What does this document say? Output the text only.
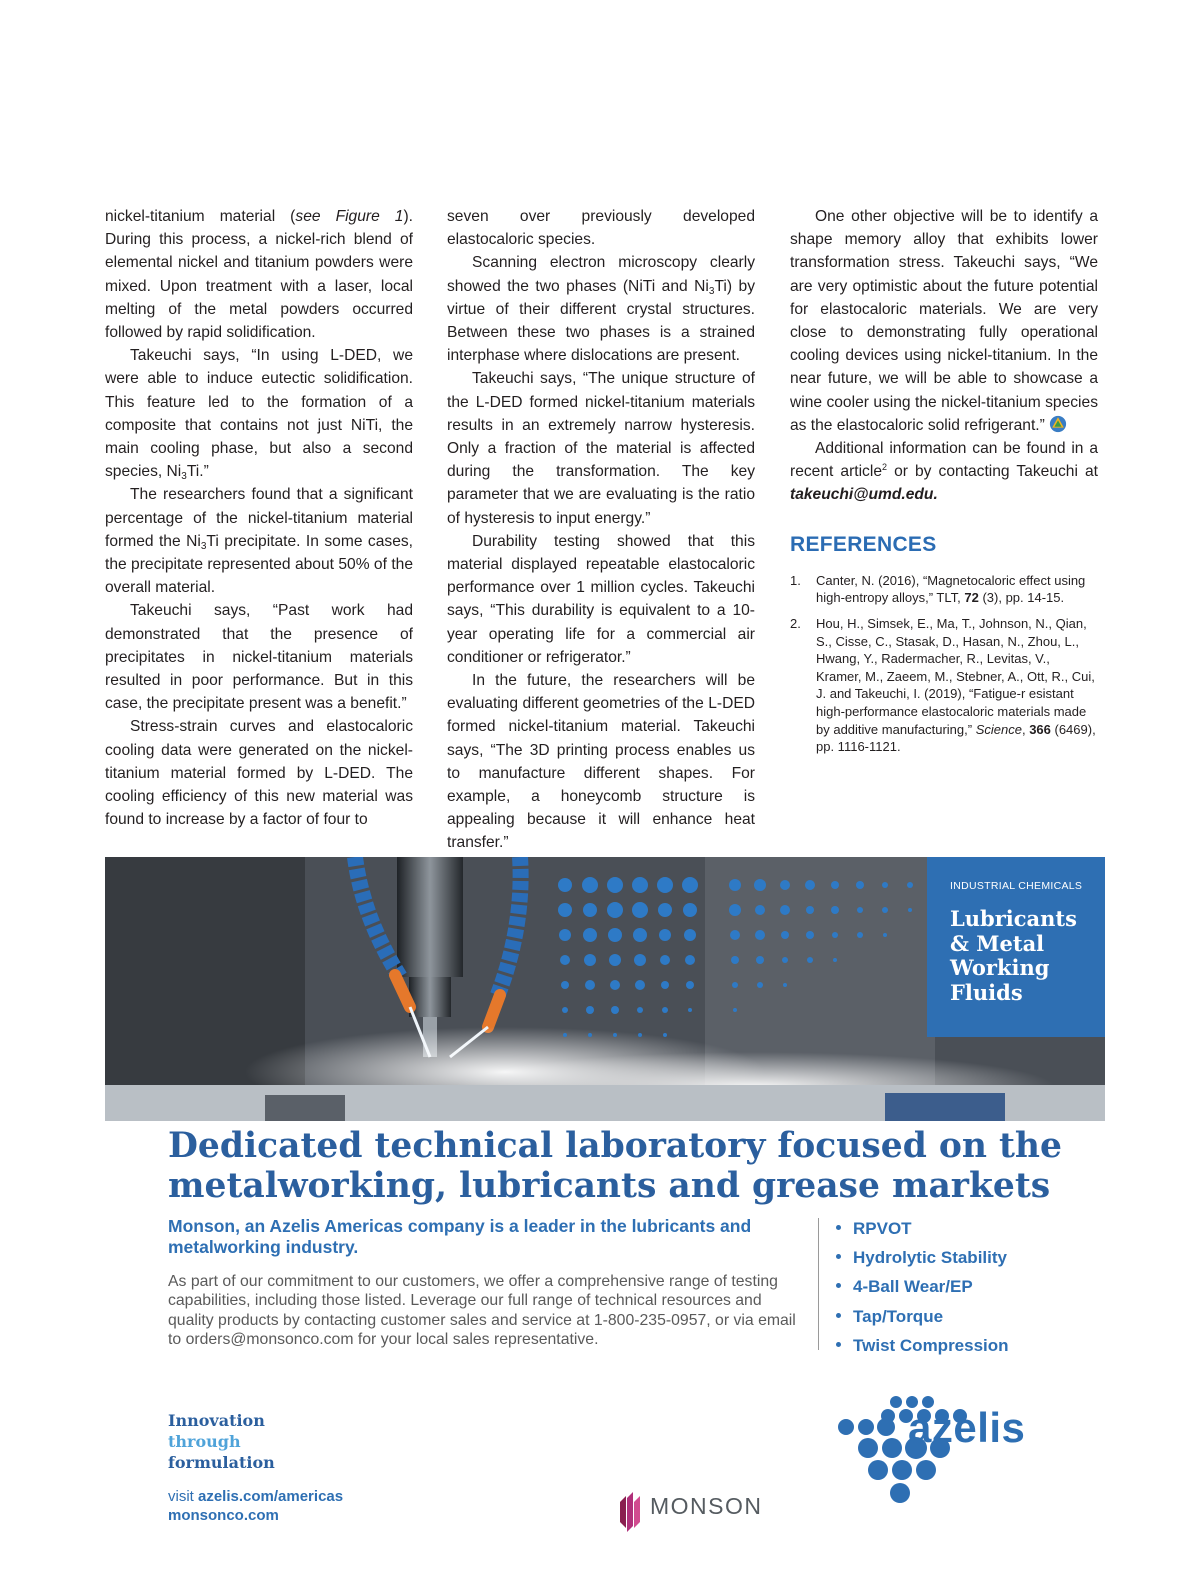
nickel-titanium material (see Figure 1). During this process, a nickel-rich blend of elemental nickel and titanium powders were mixed. Upon treatment with a laser, local melting of the metal powders occurred followed by rapid solidification.

Takeuchi says, “In using L-DED, we were able to induce eutectic solidification. This feature led to the formation of a composite that contains not just NiTi, the main cooling phase, but also a second species, $Ni_3Ti$.”

The researchers found that a significant percentage of the nickel-titanium material formed the $Ni_3Ti$ precipitate. In some cases, the precipitate represented about 50% of the overall material.

Takeuchi says, “Past work had demonstrated that the presence of precipitates in nickel-titanium materials resulted in poor performance. But in this case, the precipitate present was a benefit.”

Stress-strain curves and elastocaloric cooling data were generated on the nickel-titanium material formed by L-DED. The cooling efficiency of this new material was found to increase by a factor of four to

seven over previously developed elastocaloric species.

Scanning electron microscopy clearly showed the two phases (NiTi and $Ni_3Ti$) by virtue of their different crystal structures. Between these two phases is a strained interphase where dislocations are present.

Takeuchi says, “The unique structure of the L-DED formed nickel-titanium materials results in an extremely narrow hysteresis. Only a fraction of the material is affected during the transformation. The key parameter that we are evaluating is the ratio of hysteresis to input energy.”

Durability testing showed that this material displayed repeatable elastocaloric performance over 1 million cycles. Takeuchi says, “This durability is equivalent to a 10-year operating life for a commercial air conditioner or refrigerator.”

In the future, the researchers will be evaluating different geometries of the L-DED formed nickel-titanium material. Takeuchi says, “The 3D printing process enables us to manufacture different shapes. For example, a honeycomb structure is appealing because it will enhance heat transfer.”

One other objective will be to identify a shape memory alloy that exhibits lower transformation stress. Takeuchi says, “We are very optimistic about the future potential for elastocaloric materials. We are very close to demonstrating fully operational cooling devices using nickel-titanium. In the near future, we will be able to showcase a wine cooler using the nickel-titanium species as the elastocaloric solid refrigerant.”

Additional information can be found in a recent article$^2$ or by contacting Takeuchi at takeuchi@umd.edu.

REFERENCES
1. Canter, N. (2016), “Magnetocaloric effect using high-entropy alloys,” TLT, 72 (3), pp. 14-15.
2. Hou, H., Simsek, E., Ma, T., Johnson, N., Qian, S., Cisse, C., Stasak, D., Hasan, N., Zhou, L., Hwang, Y., Radermacher, R., Levitas, V., Kramer, M., Zaeem, M., Stebner, A., Ott, R., Cui, J. and Takeuchi, I. (2019), “Fatigue-r esistant high-performance elastocaloric materials made by additive manufacturing,” Science, 366 (6469), pp. 1116-1121.
INDUSTRIAL CHEMICALS
Lubricants & Metal Working Fluids
Dedicated technical laboratory focused on the metalworking, lubricants and grease markets
Monson, an Azelis Americas company is a leader in the lubricants and metalworking industry.
As part of our commitment to our customers, we offer a comprehensive range of testing capabilities, including those listed. Leverage our full range of technical resources and quality products by contacting customer sales and service at 1-800-235-0957, or via email to orders@monsonco.com for your local sales representative.
RPVOT
Hydrolytic Stability
4-Ball Wear/EP
Tap/Torque
Twist Compression
Innovation
through
formulation
visit azelis.com/americas
monsonco.com	MONSON
azelis
